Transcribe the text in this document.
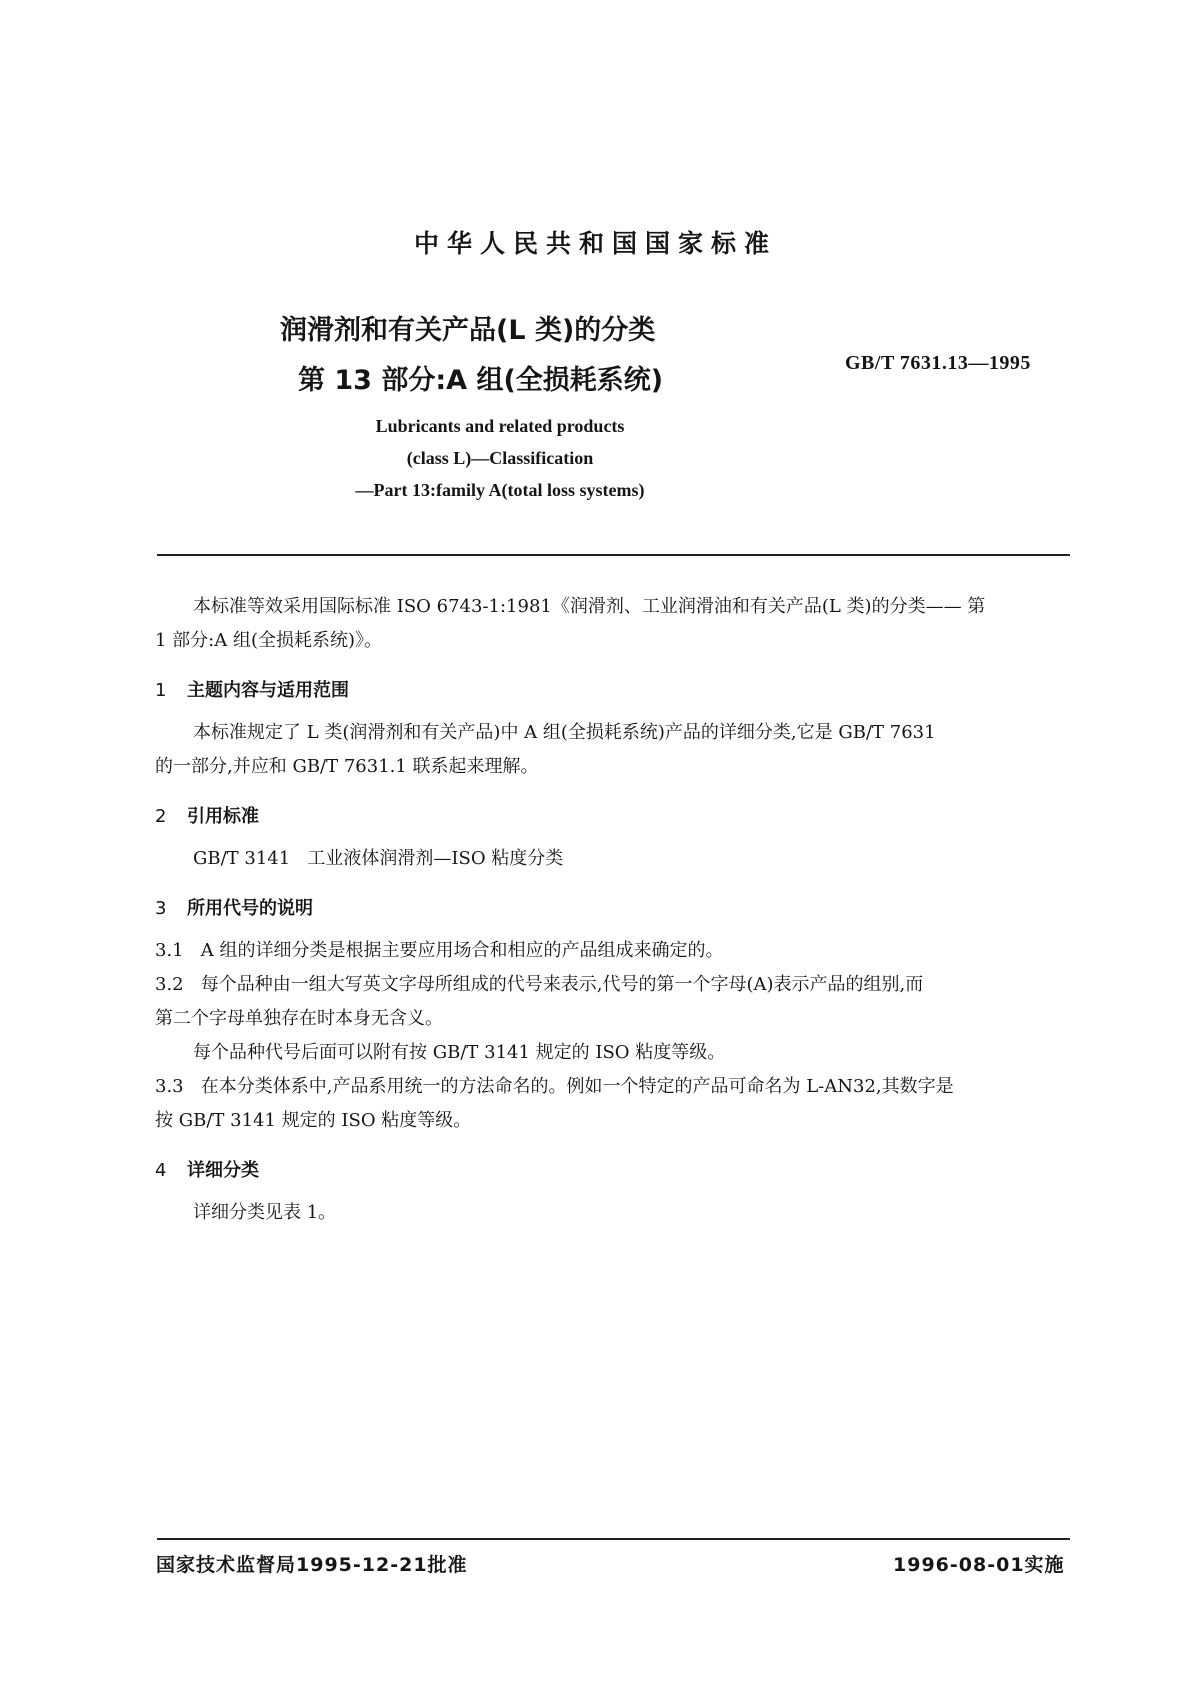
中华人民共和国国家标准
润滑剂和有关产品(L 类)的分类
第 13 部分:A 组(全损耗系统)
GB/T 7631.13—1995
Lubricants and related products
(class L)—Classification
—Part 13:family A(total loss systems)
本标准等效采用国际标准 ISO 6743-1:1981《润滑剂、工业润滑油和有关产品(L 类)的分类—— 第
1 部分:A 组(全损耗系统)》。
1 主题内容与适用范围
本标准规定了 L 类(润滑剂和有关产品)中 A 组(全损耗系统)产品的详细分类,它是 GB/T 7631
的一部分,并应和 GB/T 7631.1 联系起来理解。
2 引用标准
GB/T 3141   工业液体润滑剂—ISO 粘度分类
3 所用代号的说明
3.1   A 组的详细分类是根据主要应用场合和相应的产品组成来确定的。
3.2   每个品种由一组大写英文字母所组成的代号来表示,代号的第一个字母(A)表示产品的组别,而
第二个字母单独存在时本身无含义。
每个品种代号后面可以附有按 GB/T 3141 规定的 ISO 粘度等级。
3.3   在本分类体系中,产品系用统一的方法命名的。例如一个特定的产品可命名为 L-AN32,其数字是
按 GB/T 3141 规定的 ISO 粘度等级。
4 详细分类
详细分类见表 1。
国家技术监督局1995-12-21批准	1996-08-01实施
